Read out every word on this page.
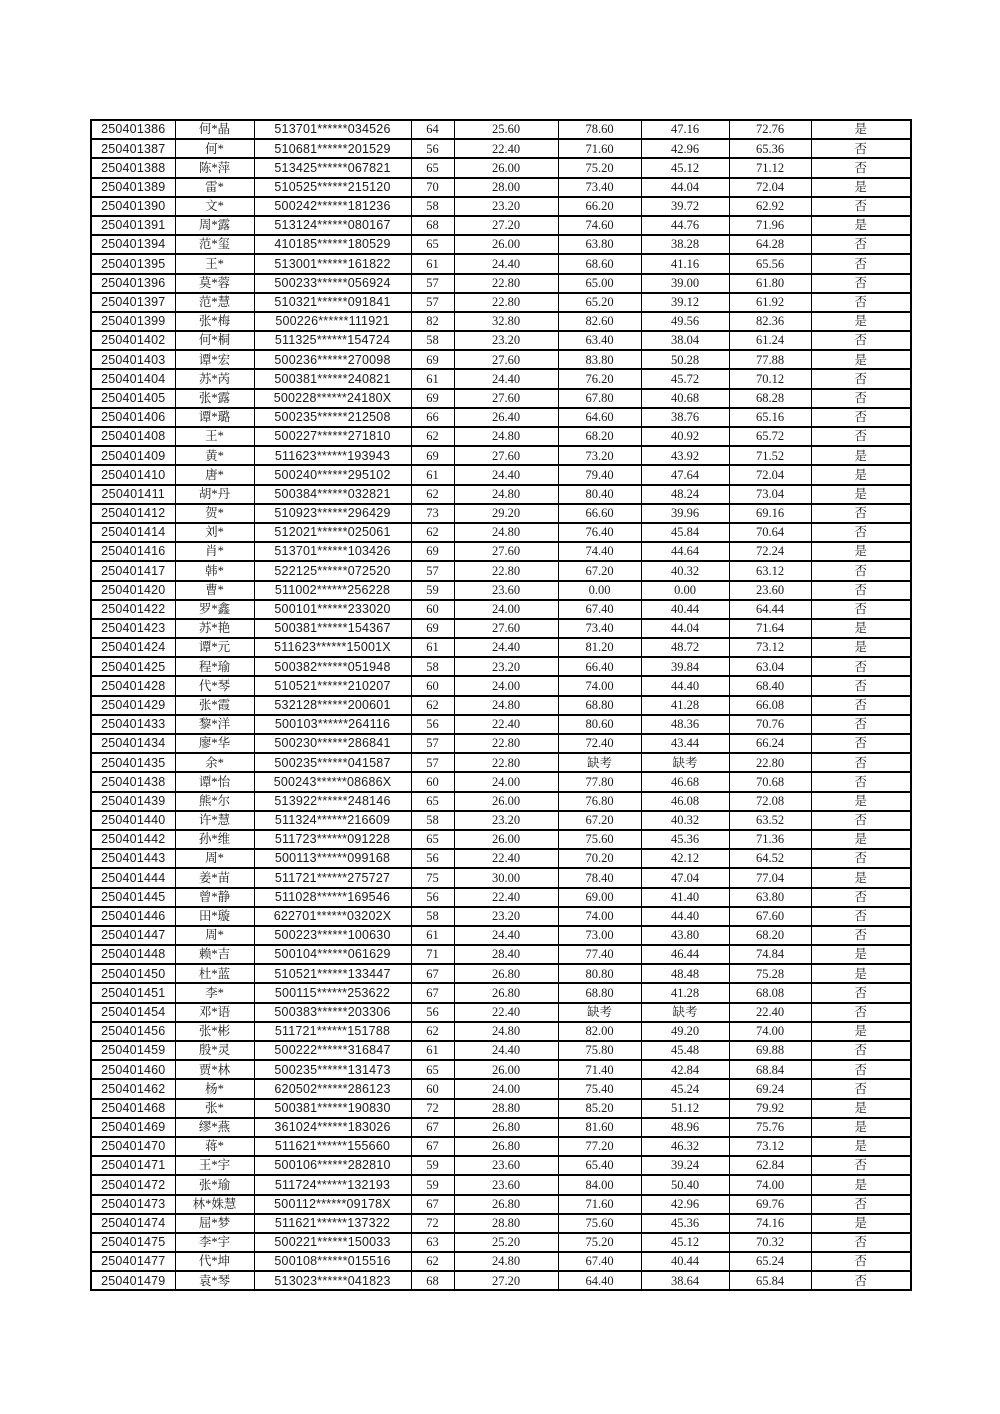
250401386	何*晶	513701******034526	64	25.60	78.60	47.16	72.76	是
250401387	何*	510681******201529	56	22.40	71.60	42.96	65.36	否
250401388	陈*萍	513425******067821	65	26.00	75.20	45.12	71.12	否
250401389	雷*	510525******215120	70	28.00	73.40	44.04	72.04	是
250401390	文*	500242******181236	58	23.20	66.20	39.72	62.92	否
250401391	周*露	513124******080167	68	27.20	74.60	44.76	71.96	是
250401394	范*玺	410185******180529	65	26.00	63.80	38.28	64.28	否
250401395	王*	513001******161822	61	24.40	68.60	41.16	65.56	否
250401396	莫*蓉	500233******056924	57	22.80	65.00	39.00	61.80	否
250401397	范*慧	510321******091841	57	22.80	65.20	39.12	61.92	否
250401399	张*梅	500226******111921	82	32.80	82.60	49.56	82.36	是
250401402	何*桐	511325******154724	58	23.20	63.40	38.04	61.24	否
250401403	谭*宏	500236******270098	69	27.60	83.80	50.28	77.88	是
250401404	苏*芮	500381******240821	61	24.40	76.20	45.72	70.12	否
250401405	张*露	500228******24180X	69	27.60	67.80	40.68	68.28	否
250401406	谭*璐	500235******212508	66	26.40	64.60	38.76	65.16	否
250401408	王*	500227******271810	62	24.80	68.20	40.92	65.72	否
250401409	黄*	511623******193943	69	27.60	73.20	43.92	71.52	是
250401410	唐*	500240******295102	61	24.40	79.40	47.64	72.04	是
250401411	胡*丹	500384******032821	62	24.80	80.40	48.24	73.04	是
250401412	贺*	510923******296429	73	29.20	66.60	39.96	69.16	否
250401414	刘*	512021******025061	62	24.80	76.40	45.84	70.64	否
250401416	肖*	513701******103426	69	27.60	74.40	44.64	72.24	是
250401417	韩*	522125******072520	57	22.80	67.20	40.32	63.12	否
250401420	曹*	511002******256228	59	23.60	0.00	0.00	23.60	否
250401422	罗*鑫	500101******233020	60	24.00	67.40	40.44	64.44	否
250401423	苏*艳	500381******154367	69	27.60	73.40	44.04	71.64	是
250401424	谭*元	511623******15001X	61	24.40	81.20	48.72	73.12	是
250401425	程*瑜	500382******051948	58	23.20	66.40	39.84	63.04	否
250401428	代*琴	510521******210207	60	24.00	74.00	44.40	68.40	否
250401429	张*霞	532128******200601	62	24.80	68.80	41.28	66.08	否
250401433	黎*洋	500103******264116	56	22.40	80.60	48.36	70.76	否
250401434	廖*华	500230******286841	57	22.80	72.40	43.44	66.24	否
250401435	余*	500235******041587	57	22.80	缺考	缺考	22.80	否
250401438	谭*怡	500243******08686X	60	24.00	77.80	46.68	70.68	否
250401439	熊*尔	513922******248146	65	26.00	76.80	46.08	72.08	是
250401440	许*慧	511324******216609	58	23.20	67.20	40.32	63.52	否
250401442	孙*维	511723******091228	65	26.00	75.60	45.36	71.36	是
250401443	周*	500113******099168	56	22.40	70.20	42.12	64.52	否
250401444	姜*苗	511721******275727	75	30.00	78.40	47.04	77.04	是
250401445	曾*静	511028******169546	56	22.40	69.00	41.40	63.80	否
250401446	田*璇	622701******03202X	58	23.20	74.00	44.40	67.60	否
250401447	周*	500223******100630	61	24.40	73.00	43.80	68.20	否
250401448	赖*吉	500104******061629	71	28.40	77.40	46.44	74.84	是
250401450	杜*蓝	510521******133447	67	26.80	80.80	48.48	75.28	是
250401451	李*	500115******253622	67	26.80	68.80	41.28	68.08	否
250401454	邓*语	500383******203306	56	22.40	缺考	缺考	22.40	否
250401456	张*彬	511721******151788	62	24.80	82.00	49.20	74.00	是
250401459	殷*灵	500222******316847	61	24.40	75.80	45.48	69.88	否
250401460	贾*林	500235******131473	65	26.00	71.40	42.84	68.84	否
250401462	杨*	620502******286123	60	24.00	75.40	45.24	69.24	否
250401468	张*	500381******190830	72	28.80	85.20	51.12	79.92	是
250401469	缪*燕	361024******183026	67	26.80	81.60	48.96	75.76	是
250401470	蒋*	511621******155660	67	26.80	77.20	46.32	73.12	是
250401471	王*宇	500106******282810	59	23.60	65.40	39.24	62.84	否
250401472	张*瑜	511724******132193	59	23.60	84.00	50.40	74.00	是
250401473	林*姝慧	500112******09178X	67	26.80	71.60	42.96	69.76	否
250401474	屈*梦	511621******137322	72	28.80	75.60	45.36	74.16	是
250401475	李*宇	500221******150033	63	25.20	75.20	45.12	70.32	否
250401477	代*坤	500108******015516	62	24.80	67.40	40.44	65.24	否
250401479	袁*琴	513023******041823	68	27.20	64.40	38.64	65.84	否
